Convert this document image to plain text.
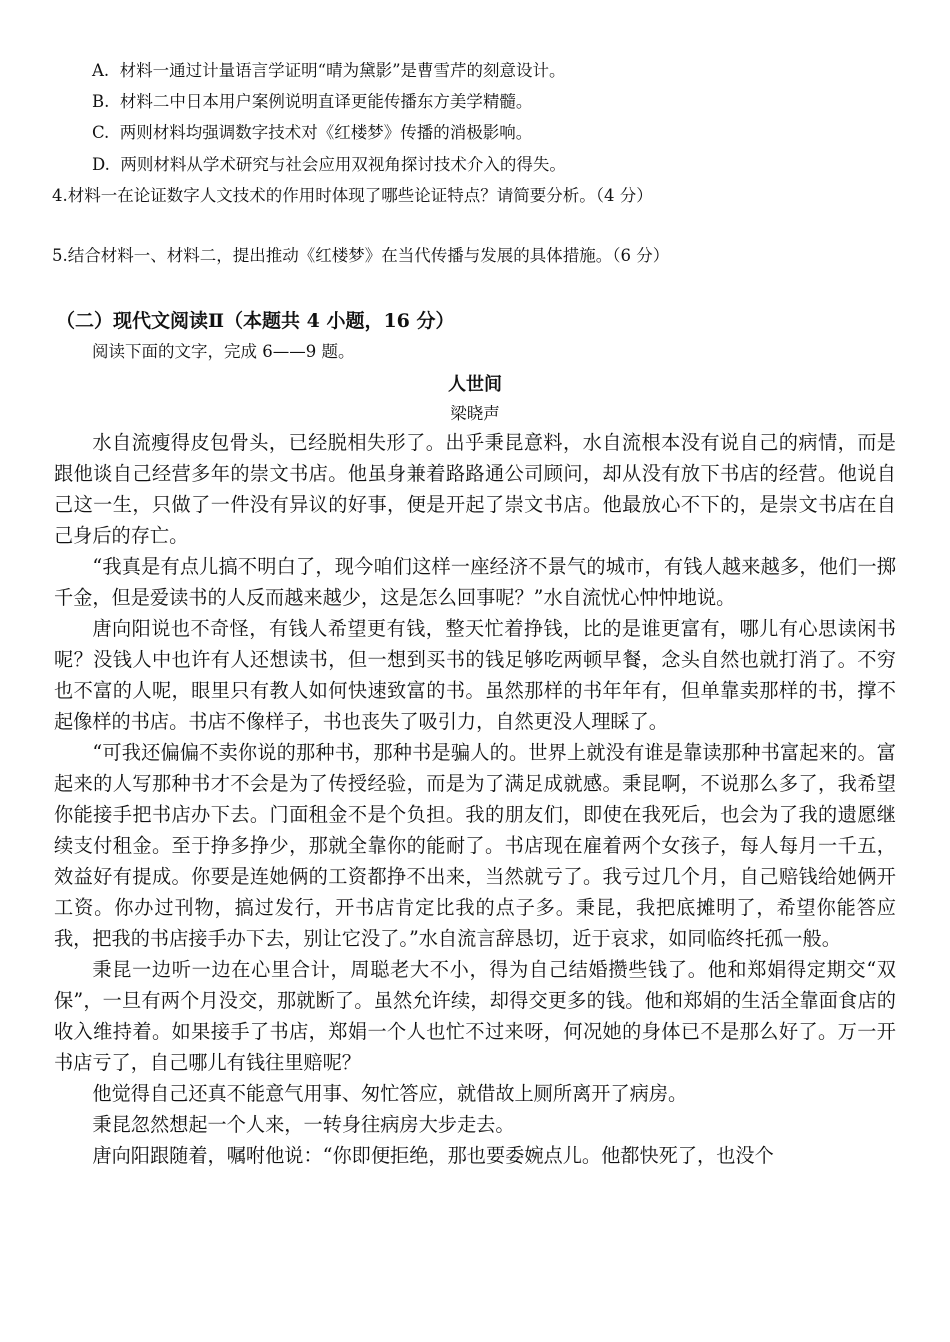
A. 材料一通过计量语言学证明“晴为黛影”是曹雪芹的刻意设计。
B. 材料二中日本用户案例说明直译更能传播东方美学精髓。
C. 两则材料均强调数字技术对《红楼梦》传播的消极影响。
D. 两则材料从学术研究与社会应用双视角探讨技术介入的得失。
4.材料一在论证数字人文技术的作用时体现了哪些论证特点？请简要分析。（4 分）
5.结合材料一、材料二，提出推动《红楼梦》在当代传播与发展的具体措施。（6 分）
（二）现代文阅读Ⅱ（本题共 4 小题，16 分）
阅读下面的文字，完成 6——9 题。
人世间
梁晓声

水自流瘦得皮包骨头，已经脱相失形了。出乎秉昆意料，水自流根本没有说自己的病情，而是跟他谈自己经营多年的崇文书店。他虽身兼着路路通公司顾问，却从没有放下书店的经营。他说自己这一生，只做了一件没有异议的好事，便是开起了崇文书店。他最放心不下的，是崇文书店在自己身后的存亡。

“我真是有点儿搞不明白了，现今咱们这样一座经济不景气的城市，有钱人越来越多，他们一掷千金，但是爱读书的人反而越来越少，这是怎么回事呢？”水自流忧心忡忡地说。

唐向阳说也不奇怪，有钱人希望更有钱，整天忙着挣钱，比的是谁更富有，哪儿有心思读闲书呢？没钱人中也许有人还想读书，但一想到买书的钱足够吃两顿早餐，念头自然也就打消了。不穷也不富的人呢，眼里只有教人如何快速致富的书。虽然那样的书年年有，但单靠卖那样的书，撑不起像样的书店。书店不像样子，书也丧失了吸引力，自然更没人理睬了。

“可我还偏偏不卖你说的那种书，那种书是骗人的。世界上就没有谁是靠读那种书富起来的。富起来的人写那种书才不会是为了传授经验，而是为了满足成就感。秉昆啊，不说那么多了，我希望你能接手把书店办下去。门面租金不是个负担。我的朋友们，即使在我死后，也会为了我的遗愿继续支付租金。至于挣多挣少，那就全靠你的能耐了。书店现在雇着两个女孩子，每人每月一千五，效益好有提成。你要是连她俩的工资都挣不出来，当然就亏了。我亏过几个月，自己赔钱给她俩开工资。你办过刊物，搞过发行，开书店肯定比我的点子多。秉昆，我把底摊明了，希望你能答应我，把我的书店接手办下去，别让它没了。”水自流言辞恳切，近于哀求，如同临终托孤一般。

秉昆一边听一边在心里合计，周聪老大不小，得为自己结婚攒些钱了。他和郑娟得定期交“双保”，一旦有两个月没交，那就断了。虽然允许续，却得交更多的钱。他和郑娟的生活全靠面食店的收入维持着。如果接手了书店，郑娟一个人也忙不过来呀，何况她的身体已不是那么好了。万一开书店亏了，自己哪儿有钱往里赔呢？

他觉得自己还真不能意气用事、匆忙答应，就借故上厕所离开了病房。

秉昆忽然想起一个人来，一转身往病房大步走去。

唐向阳跟随着，嘱咐他说：“你即便拒绝，那也要委婉点儿。他都快死了，也没个
